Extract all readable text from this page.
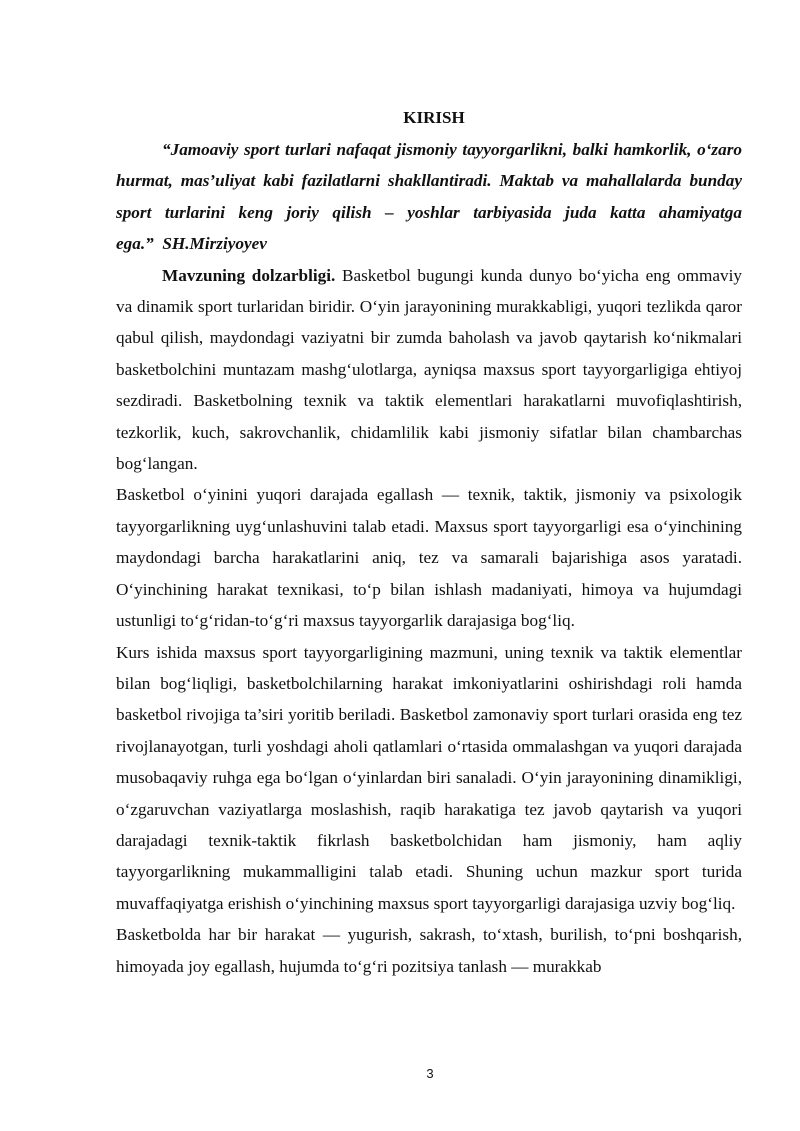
KIRISH

“Jamoaviy sport turlari nafaqat jismoniy tayyorgarlikni, balki hamkorlik, o‘zaro hurmat, mas’uliyat kabi fazilatlarni shakllantiradi. Maktab va mahallalarda bunday sport turlarini keng joriy qilish – yoshlar tarbiyasida juda katta ahamiyatga ega.” SH.Mirziyoyev

Mavzuning dolzarbligi. Basketbol bugungi kunda dunyo bo‘yicha eng ommaviy va dinamik sport turlaridan biridir. O‘yin jarayonining murakkabligi, yuqori tezlikda qaror qabul qilish, maydondagi vaziyatni bir zumda baholash va javob qaytarish ko‘nikmalari basketbolchini muntazam mashg‘ulotlarga, ayniqsa maxsus sport tayyorgarligiga ehtiyoj sezdiradi. Basketbolning texnik va taktik elementlari harakatlarni muvofiqlashtirish, tezkorlik, kuch, sakrovchanlik, chidamlilik kabi jismoniy sifatlar bilan chambarchas bog‘langan.

Basketbol o‘yinini yuqori darajada egallash — texnik, taktik, jismoniy va psixologik tayyorgarlikning uyg‘unlashuvini talab etadi. Maxsus sport tayyorgarligi esa o‘yinchining maydondagi barcha harakatlarini aniq, tez va samarali bajarishiga asos yaratadi. O‘yinchining harakat texnikasi, to‘p bilan ishlash madaniyati, himoya va hujumdagi ustunligi to‘g‘ridan-to‘g‘ri maxsus tayyorgarlik darajasiga bog‘liq.

Kurs ishida maxsus sport tayyorgarligining mazmuni, uning texnik va taktik elementlar bilan bog‘liqligi, basketbolchilarning harakat imkoniyatlarini oshirishdagi roli hamda basketbol rivojiga ta’siri yoritib beriladi. Basketbol zamonaviy sport turlari orasida eng tez rivojlanayotgan, turli yoshdagi aholi qatlamlari o‘rtasida ommalashgan va yuqori darajada musobaqaviy ruhga ega bo‘lgan o‘yinlardan biri sanaladi. O‘yin jarayonining dinamikligi, o‘zgaruvchan vaziyatlarga moslashish, raqib harakatiga tez javob qaytarish va yuqori darajadagi texnik-taktik fikrlash basketbolchidan ham jismoniy, ham aqliy tayyorgarlikning mukammalligini talab etadi. Shuning uchun mazkur sport turida muvaffaqiyatga erishish o‘yinchining maxsus sport tayyorgarligi darajasiga uzviy bog‘liq.

Basketbolda har bir harakat — yugurish, sakrash, to‘xtash, burilish, to‘pni boshqarish, himoyada joy egallash, hujumda to‘g‘ri pozitsiya tanlash — murakkab

3
